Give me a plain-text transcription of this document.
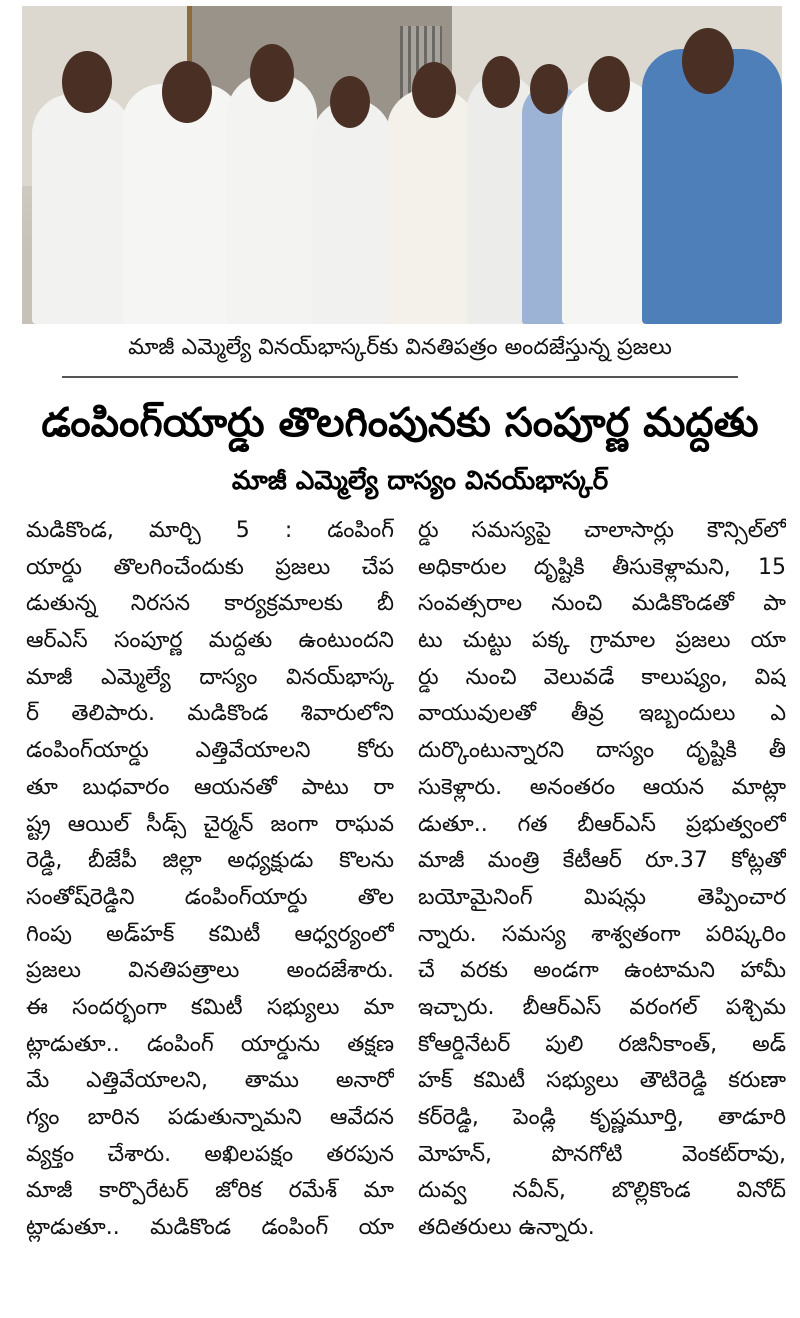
మాజీ ఎమ్మెల్యే వినయ్‌భాస్కర్‌కు వినతిపత్రం అందజేస్తున్న ప్రజలు
డంపింగ్‌యార్డు తొలగింపునకు సంపూర్ణ మద్దతు
మాజీ ఎమ్మెల్యే దాస్యం వినయ్‌భాస్కర్
మడికొండ, మార్చి 5 : డంపింగ్
యార్డు తొలగించేందుకు ప్రజలు చేప
డుతున్న నిరసన కార్యక్రమాలకు బీ
ఆర్ఎస్ సంపూర్ణ మద్దతు ఉంటుందని
మాజీ ఎమ్మెల్యే దాస్యం వినయ్‌భాస్క
ర్ తెలిపారు. మడికొండ శివారులోని
డంపింగ్‌యార్డు ఎత్తివేయాలని కోరు
తూ బుధవారం ఆయనతో పాటు రా
ష్ట్ర ఆయిల్ సీడ్స్ చైర్మన్ జంగా రాఘవ
రెడ్డి, బీజేపీ జిల్లా అధ్యక్షుడు కొలను
సంతోష్‌రెడ్డిని డంపింగ్‌యార్డు తొల
గింపు అడ్‌హక్ కమిటీ ఆధ్వర్యంలో
ప్రజలు వినతిపత్రాలు అందజేశారు.
ఈ సందర్భంగా కమిటీ సభ్యులు మా
ట్లాడుతూ.. డంపింగ్ యార్డును తక్షణ
మే ఎత్తివేయాలని, తాము అనారో
గ్యం బారిన పడుతున్నామని ఆవేదన
వ్యక్తం చేశారు. అఖిలపక్షం తరపున
మాజీ కార్పొరేటర్ జోరిక రమేశ్ మా
ట్లాడుతూ.. మడికొండ డంపింగ్ యా
ర్డు సమస్యపై చాలాసార్లు కౌన్సిల్‌లో
అధికారుల దృష్టికి తీసుకెళ్లామని, 15
సంవత్సరాల నుంచి మడికొండతో పా
టు చుట్టు పక్క గ్రామాల ప్రజలు యా
ర్డు నుంచి వెలువడే కాలుష్యం, విష
వాయువులతో తీవ్ర ఇబ్బందులు ఎ
దుర్కొంటున్నారని దాస్యం దృష్టికి తీ
సుకెళ్లారు. అనంతరం ఆయన మాట్లా
డుతూ.. గత బీఆర్ఎస్ ప్రభుత్వంలో
మాజీ మంత్రి కేటీఆర్ రూ.37 కోట్లతో
బయోమైనింగ్ మిషన్లు తెప్పించార
న్నారు. సమస్య శాశ్వతంగా పరిష్కరిం
చే వరకు అండగా ఉంటామని హామీ
ఇచ్చారు. బీఆర్ఎస్ వరంగల్ పశ్చిమ
కోఆర్డినేటర్ పులి రజినీకాంత్, అడ్
హక్ కమిటీ సభ్యులు తౌటిరెడ్డి కరుణా
కర్‌రెడ్డి, పెండ్లి కృష్ణమూర్తి, తాడూరి
మోహన్, పొనగోటి వెంకట్‌రావు,
దువ్వ నవీన్, బొల్లికొండ వినోద్
తదితరులు ఉన్నారు.
